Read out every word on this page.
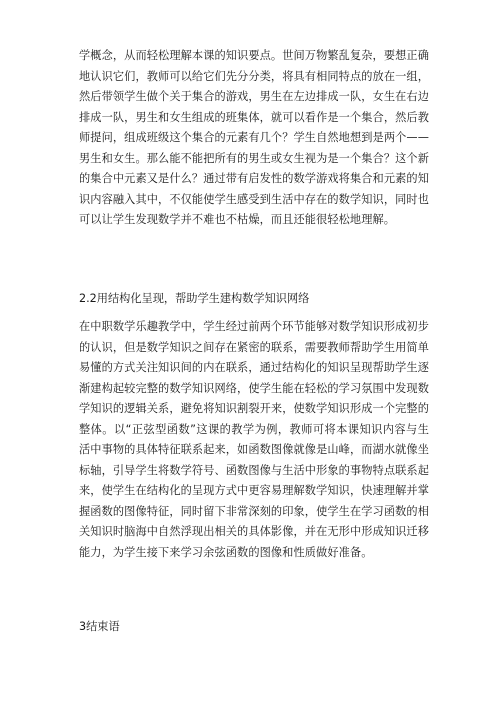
学概念，从而轻松理解本课的知识要点。世间万物繁乱复杂，要想正确地认识它们，教师可以给它们先分分类，将具有相同特点的放在一组，然后带领学生做个关于集合的游戏，男生在左边排成一队，女生在右边排成一队，男生和女生组成的班集体，就可以看作是一个集合，然后教师提问，组成班级这个集合的元素有几个？学生自然地想到是两个——男生和女生。那么能不能把所有的男生或女生视为是一个集合？这个新的集合中元素又是什么？通过带有启发性的数学游戏将集合和元素的知识内容融入其中，不仅能使学生感受到生活中存在的数学知识，同时也可以让学生发现数学并不难也不枯燥，而且还能很轻松地理解。

2.2用结构化呈现，帮助学生建构数学知识网络

在中职数学乐趣教学中，学生经过前两个环节能够对数学知识形成初步的认识，但是数学知识之间存在紧密的联系，需要教师帮助学生用简单易懂的方式关注知识间的内在联系，通过结构化的知识呈现帮助学生逐渐建构起较完整的数学知识网络，使学生能在轻松的学习氛围中发现数学知识的逻辑关系，避免将知识割裂开来，使数学知识形成一个完整的整体。以“正弦型函数”这课的教学为例，教师可将本课知识内容与生活中事物的具体特征联系起来，如函数图像就像是山峰，而湖水就像坐标轴，引导学生将数学符号、函数图像与生活中形象的事物特点联系起来，使学生在结构化的呈现方式中更容易理解数学知识，快速理解并掌握函数的图像特征，同时留下非常深刻的印象，使学生在学习函数的相关知识时脑海中自然浮现出相关的具体影像，并在无形中形成知识迁移能力，为学生接下来学习余弦函数的图像和性质做好准备。

3结束语
